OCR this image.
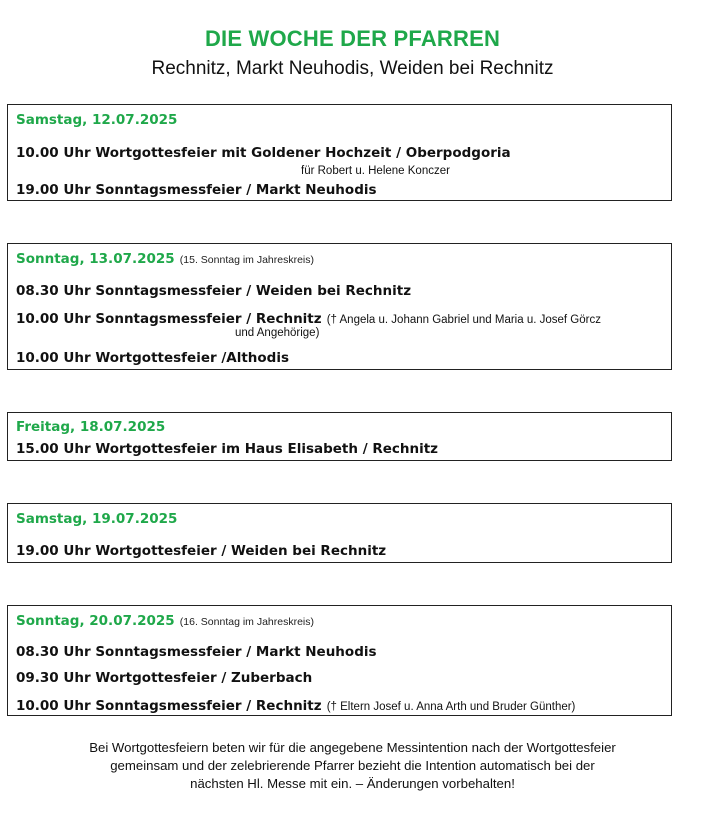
DIE WOCHE DER PFARREN
Rechnitz, Markt Neuhodis, Weiden bei Rechnitz
Samstag, 12.07.2025
10.00 Uhr Wortgottesfeier mit Goldener Hochzeit / Oberpodgoria
für Robert u. Helene Konczer
19.00 Uhr Sonntagsmessfeier / Markt Neuhodis
Sonntag, 13.07.2025 (15. Sonntag im Jahreskreis)
08.30 Uhr Sonntagsmessfeier / Weiden bei Rechnitz
10.00 Uhr Sonntagsmessfeier / Rechnitz († Angela u. Johann Gabriel und Maria u. Josef Görcz
und Angehörige)
10.00 Uhr Wortgottesfeier /Althodis
Freitag, 18.07.2025
15.00 Uhr Wortgottesfeier im Haus Elisabeth / Rechnitz
Samstag, 19.07.2025
19.00 Uhr Wortgottesfeier / Weiden bei Rechnitz
Sonntag, 20.07.2025 (16. Sonntag im Jahreskreis)
08.30 Uhr Sonntagsmessfeier / Markt Neuhodis
09.30 Uhr Wortgottesfeier / Zuberbach
10.00 Uhr Sonntagsmessfeier / Rechnitz († Eltern Josef u. Anna Arth und Bruder Günther)
Bei Wortgottesfeiern beten wir für die angegebene Messintention nach der Wortgottesfeier
gemeinsam und der zelebrierende Pfarrer bezieht die Intention automatisch bei der
nächsten Hl. Messe mit ein. – Änderungen vorbehalten!
